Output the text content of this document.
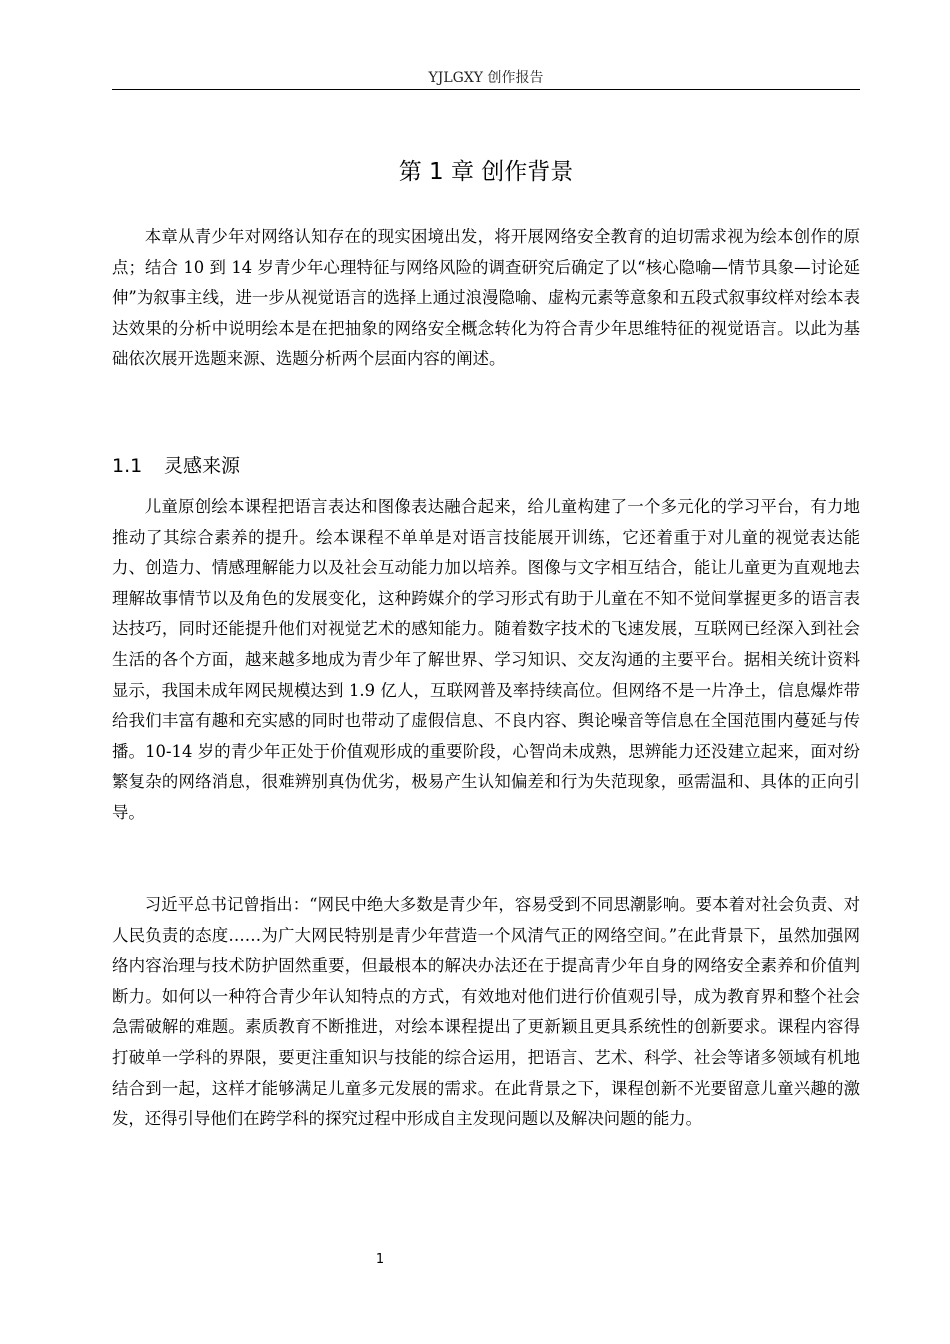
YJLGXY 创作报告
第 1 章 创作背景

本章从青少年对网络认知存在的现实困境出发，将开展网络安全教育的迫切需求视为绘本创作的原点；结合 10 到 14 岁青少年心理特征与网络风险的调查研究后确定了以“核心隐喻—情节具象—讨论延伸”为叙事主线，进一步从视觉语言的选择上通过浪漫隐喻、虚构元素等意象和五段式叙事纹样对绘本表达效果的分析中说明绘本是在把抽象的网络安全概念转化为符合青少年思维特征的视觉语言。以此为基础依次展开选题来源、选题分析两个层面内容的阐述。

1.1 灵感来源

儿童原创绘本课程把语言表达和图像表达融合起来，给儿童构建了一个多元化的学习平台，有力地推动了其综合素养的提升。绘本课程不单单是对语言技能展开训练，它还着重于对儿童的视觉表达能力、创造力、情感理解能力以及社会互动能力加以培养。图像与文字相互结合，能让儿童更为直观地去理解故事情节以及角色的发展变化，这种跨媒介的学习形式有助于儿童在不知不觉间掌握更多的语言表达技巧，同时还能提升他们对视觉艺术的感知能力。随着数字技术的飞速发展，互联网已经深入到社会生活的各个方面，越来越多地成为青少年了解世界、学习知识、交友沟通的主要平台。据相关统计资料显示，我国未成年网民规模达到 1.9 亿人，互联网普及率持续高位。但网络不是一片净土，信息爆炸带给我们丰富有趣和充实感的同时也带动了虚假信息、不良内容、舆论噪音等信息在全国范围内蔓延与传播。10-14 岁的青少年正处于价值观形成的重要阶段，心智尚未成熟，思辨能力还没建立起来，面对纷繁复杂的网络消息，很难辨别真伪优劣，极易产生认知偏差和行为失范现象，亟需温和、具体的正向引导。

习近平总书记曾指出：“网民中绝大多数是青少年，容易受到不同思潮影响。要本着对社会负责、对人民负责的态度……为广大网民特别是青少年营造一个风清气正的网络空间。”在此背景下，虽然加强网络内容治理与技术防护固然重要，但最根本的解决办法还在于提高青少年自身的网络安全素养和价值判断力。如何以一种符合青少年认知特点的方式，有效地对他们进行价值观引导，成为教育界和整个社会急需破解的难题。素质教育不断推进，对绘本课程提出了更新颖且更具系统性的创新要求。课程内容得打破单一学科的界限，要更注重知识与技能的综合运用，把语言、艺术、科学、社会等诸多领域有机地结合到一起，这样才能够满足儿童多元发展的需求。在此背景之下，课程创新不光要留意儿童兴趣的激发，还得引导他们在跨学科的探究过程中形成自主发现问题以及解决问题的能力。

1
